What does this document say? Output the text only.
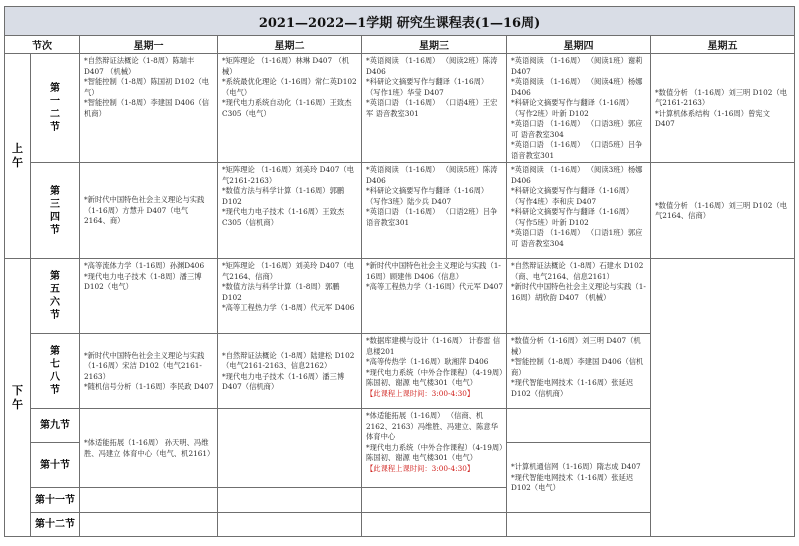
2021—2022—1学期 研究生课程表(1—16周)						
节次		星期一	星期二	星期三	星期四	星期五
上
午	第
一
二
节	*自然辩证法概论（1-8周）陈瑞丰D407 （机械）
*智能控制（1-8周）陈国初 D102（电气）
*智能控制（1-8周）李建国 D406（信机商）	*矩阵理论 （1-16周）林琳 D407 （机械）
*系统最优化理论（1-16周）常仁英D102（电气）
*现代电力系统自动化（1-16周）王致杰 C305（电气）	*英语阅读 （1-16周） （阅读2班）陈涛 D406
*科研论文摘要写作与翻译（1-16周） （写作1班）华莹 D407
*英语口语 （1-16周） （口语4班）王宏军 语音教室301	*英语阅读 （1-16周） （阅读1班）谢莉 D407
*英语阅读 （1-16周） （阅读4班）杨娜 D406
*科研论文摘要写作与翻译（1-16周） （写作2班）叶新 D102
*英语口语 （1-16周） （口语3班）郭应可 语音教室304
*英语口语 （1-16周） （口语5班）吕争 语音教室301	*数值分析 （1-16周）刘三明 D102（电气2161-2163）
*计算机体系结构（1-16周）曾宪文 D407

	第
三
四
节	*新时代中国特色社会主义理论与实践（1-16周）方慧升 D407（电气2164、商）	*矩阵理论 （1-16周）刘美玲 D407（电气2161-2163）
*数值方法与科学计算（1-16周）郭鹏 D102
*现代电力电子技术（1-16周）王致杰 C305（信机商）	*英语阅读 （1-16周） （阅读5班）陈涛 D406
*科研论文摘要写作与翻译（1-16周） （写作3班）陆少兵 D407
*英语口语 （1-16周） （口语2班）吕争 语音教室301	*英语阅读 （1-16周） （阅读3班）杨娜 D406
*科研论文摘要写作与翻译（1-16周） （写作4班）李和庆 D407
*科研论文摘要写作与翻译（1-16周） （写作5班）叶新 D102
*英语口语 （1-16周） （口语1班）郭应可 语音教室304	*数值分析 （1-16周）刘三明 D102（电气2164、信商）

下
午	第
五
六
节	*高等流体力学（1-16周）孙渊D406
*现代电力电子技术（1-8周）潘三博 D102（电气）	*矩阵理论 （1-16周）刘美玲 D407（电气2164、信商）
*数值方法与科学计算（1-8周）郭鹏 D102
*高等工程热力学（1-8周）代元军 D406	*新时代中国特色社会主义理论与实践（1-16周）顾建伟 D406（信息）
*高等工程热力学（1-16周）代元军 D407	*自然辩证法概论（1-8周）石建水 D102（商、电气2164、信息2161）
*新时代中国特色社会主义理论与实践（1-16周）胡欣韵 D407 （机械）	

	第
七
八
节	*新时代中国特色社会主义理论与实践（1-16周）宋洁 D102（电气2161-2163）
*随机信号分析（1-16周）李民政 D407	*自然辩证法概论（1-8周）陆建松 D102（电气2161-2163、信息2162）
*现代电力电子技术（1-16周）潘三博 D407（信机商）	*数据库建模与设计（1-16周） 计春雷 信息楼201
*高等传热学（1-16周）耿湘萍 D406
*现代电力系统（中外合作课程）（4-19周）陈国初、谢源 电气楼301（电气）
【此课程上课时间：3:00-4:30】	*数值分析（1-16周）刘三明 D407（机械）
*智能控制（1-8周）李建国 D406（信机商）
*现代智能电网技术（1-16周）张延迟 D102（信机商）	

	第九节	*体适能拓展（1-16周） 孙天明、冯维胜、冯建立 体育中心（电气、机2161）		*体适能拓展（1-16周） （信商、机2162、2163）冯维胜、冯建立、陈意华 体育中心
*现代电力系统（中外合作课程）（4-19周）陈国初、谢源 电气楼301（电气）
【此课程上课时间：3:00-4:30】		
	第十节				*计算机通信网（1-16周）隋志成 D407
*现代智能电网技术（1-16周）张延迟 D102（电气）	

	第十一节					
	第十二节					
